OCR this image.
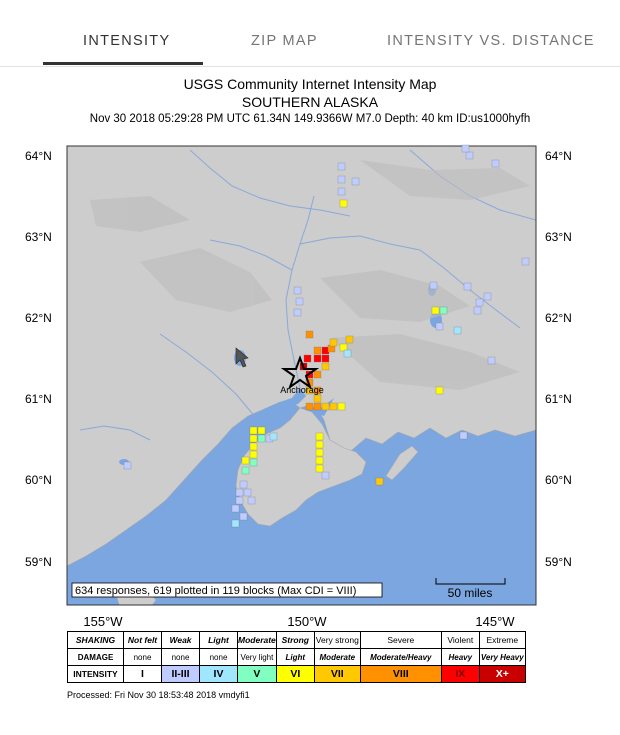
INTENSITY	ZIP MAP	INTENSITY VS. DISTANCE
USGS Community Internet Intensity Map
SOUTHERN ALASKA
Nov 30 2018 05:29:28 PM UTC 61.34N 149.9366W M7.0 Depth: 40 km ID:us1000hyfh
Anchorage
64°N
63°N
62°N
61°N
60°N
59°N
64°N
63°N
62°N
61°N
60°N
59°N
155°W	150°W	145°W
634 responses, 619 plotted in 119 blocks (Max CDI = VIII)	50 miles
SHAKING	Not felt	Weak	Light	Moderate	Strong	Very strong	Severe	Violent	Extreme
DAMAGE	none	none	none	Very light	Light	Moderate	Moderate/Heavy	Heavy	Very Heavy
INTENSITY	I	II-III	IV	V	VI	VII	VIII	IX	X+
Processed: Fri Nov 30 18:53:48 2018 vmdyfi1
